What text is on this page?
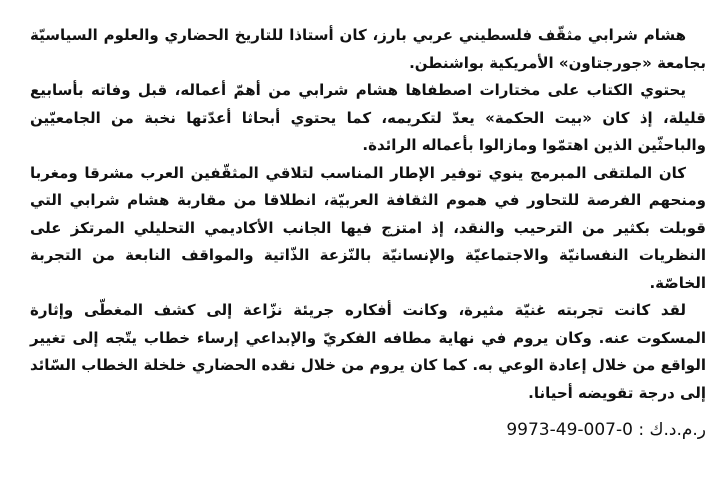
هشام شرابي مثقّف فلسطيني عربي بارز، كان أستاذا للتاريخ الحضاري والعلوم السياسيّة بجامعة «جورجتاون» الأمريكية بواشنطن.

يحتوي الكتاب على مختارات اصطفاها هشام شرابي من أهمّ أعماله، قبل وفاته بأسابيع قليلة، إذ كان «بيت الحكمة» يعدّ لتكريمه، كما يحتوي أبحاثا أعدّتها نخبة من الجامعيّين والباحثّين الذين اهتمّوا ومازالوا بأعماله الرائدة.

كان الملتقى المبرمج ينوي توفير الإطار المناسب لتلاقي المثقّفين العرب مشرقا ومغربا ومنحهم الفرصة للتحاور في هموم الثقافة العربيّة، انطلاقا من مقاربة هشام شرابي التي قوبلت بكثير من الترحيب والنقد، إذ امتزج فيها الجانب الأكاديمي التحليلي المرتكز على النظريات النفسانيّة والاجتماعيّة والإنسانيّة بالنّزعة الذّاتية والمواقف النابعة من التجربة الخاصّة.

لقد كانت تجربته غنيّة مثيرة، وكانت أفكاره جريئة نزّاعة إلى كشف المغطّى وإثارة المسكوت عنه. وكان يروم في نهاية مطافه الفكريّ والإبداعي إرساء خطاب يتّجه إلى تغيير الواقع من خلال إعادة الوعي به. كما كان يروم من خلال نقده الحضاري خلخلة الخطاب السّائد إلى درجة تقويضه أحيانا.

ر.م.د.ك : 9973-49-007-0
